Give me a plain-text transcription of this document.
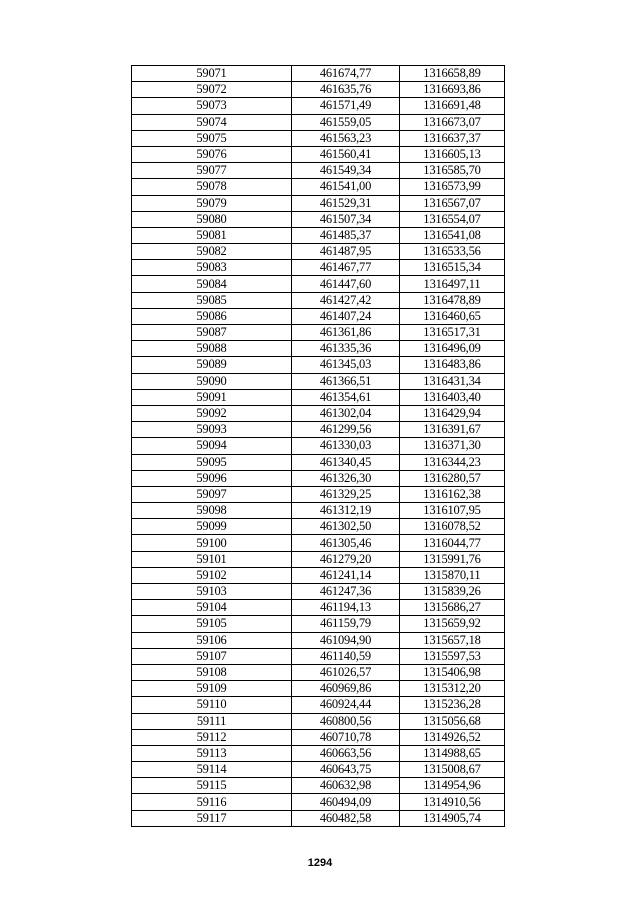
59071	461674,77	1316658,89
59072	461635,76	1316693,86
59073	461571,49	1316691,48
59074	461559,05	1316673,07
59075	461563,23	1316637,37
59076	461560,41	1316605,13
59077	461549,34	1316585,70
59078	461541,00	1316573,99
59079	461529,31	1316567,07
59080	461507,34	1316554,07
59081	461485,37	1316541,08
59082	461487,95	1316533,56
59083	461467,77	1316515,34
59084	461447,60	1316497,11
59085	461427,42	1316478,89
59086	461407,24	1316460,65
59087	461361,86	1316517,31
59088	461335,36	1316496,09
59089	461345,03	1316483,86
59090	461366,51	1316431,34
59091	461354,61	1316403,40
59092	461302,04	1316429,94
59093	461299,56	1316391,67
59094	461330,03	1316371,30
59095	461340,45	1316344,23
59096	461326,30	1316280,57
59097	461329,25	1316162,38
59098	461312,19	1316107,95
59099	461302,50	1316078,52
59100	461305,46	1316044,77
59101	461279,20	1315991,76
59102	461241,14	1315870,11
59103	461247,36	1315839,26
59104	461194,13	1315686,27
59105	461159,79	1315659,92
59106	461094,90	1315657,18
59107	461140,59	1315597,53
59108	461026,57	1315406,98
59109	460969,86	1315312,20
59110	460924,44	1315236,28
59111	460800,56	1315056,68
59112	460710,78	1314926,52
59113	460663,56	1314988,65
59114	460643,75	1315008,67
59115	460632,98	1314954,96
59116	460494,09	1314910,56
59117	460482,58	1314905,74
1294
